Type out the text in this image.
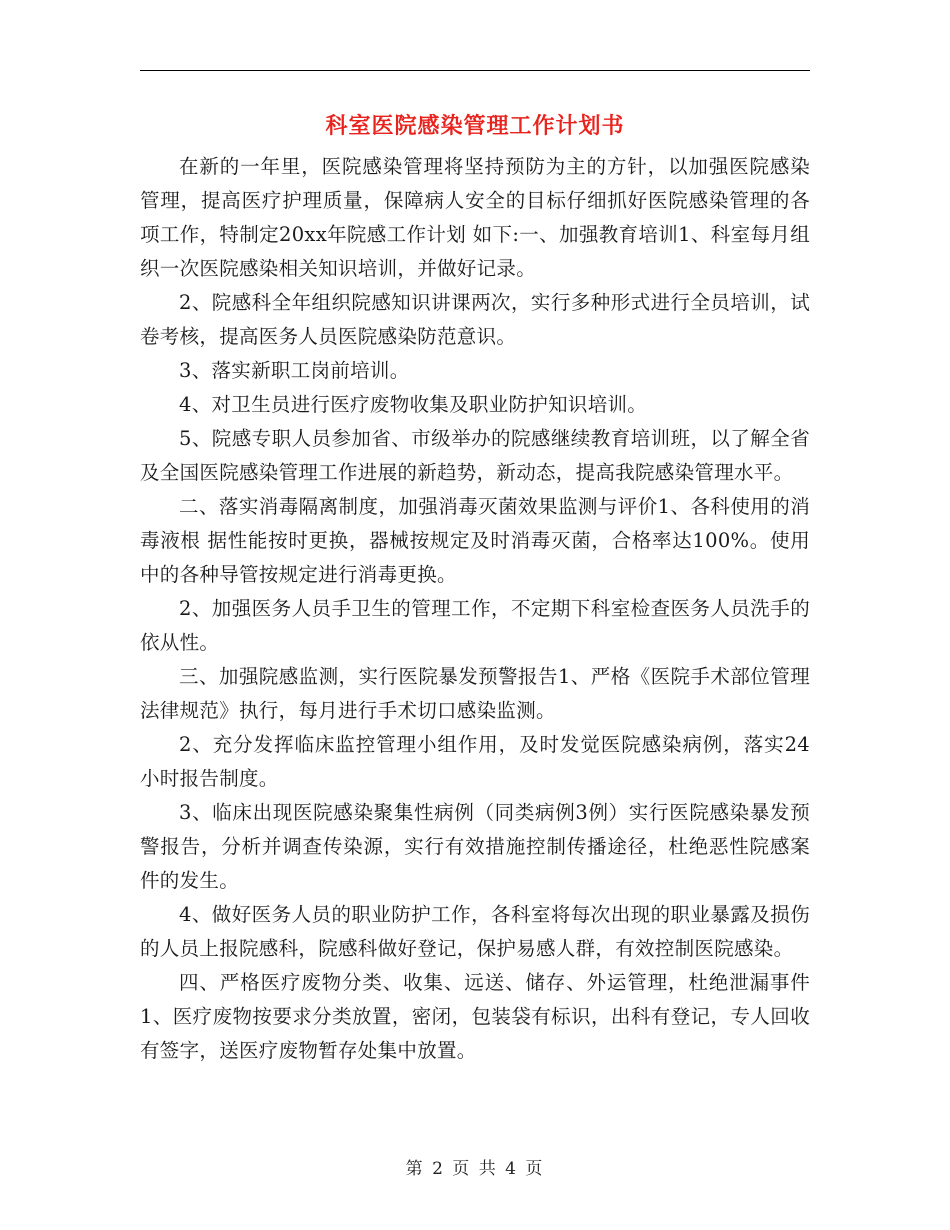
科室医院感染管理工作计划书

在新的一年里，医院感染管理将坚持预防为主的方针，以加强医院感染管理，提高医疗护理质量，保障病人安全的目标仔细抓好医院感染管理的各项工作，特制定20xx年院感工作计划 如下:一、加强教育培训1、科室每月组织一次医院感染相关知识培训，并做好记录。

2、院感科全年组织院感知识讲课两次，实行多种形式进行全员培训，试卷考核，提高医务人员医院感染防范意识。

3、落实新职工岗前培训。

4、对卫生员进行医疗废物收集及职业防护知识培训。

5、院感专职人员参加省、市级举办的院感继续教育培训班，以了解全省及全国医院感染管理工作进展的新趋势，新动态，提高我院感染管理水平。

二、落实消毒隔离制度，加强消毒灭菌效果监测与评价1、各科使用的消毒液根 据性能按时更换，器械按规定及时消毒灭菌，合格率达100%。使用中的各种导管按规定进行消毒更换。

2、加强医务人员手卫生的管理工作，不定期下科室检查医务人员洗手的依从性。

三、加强院感监测，实行医院暴发预警报告1、严格《医院手术部位管理法律规范》执行，每月进行手术切口感染监测。

2、充分发挥临床监控管理小组作用，及时发觉医院感染病例，落实24小时报告制度。

3、临床出现医院感染聚集性病例（同类病例3例）实行医院感染暴发预警报告，分析并调查传染源，实行有效措施控制传播途径，杜绝恶性院感案件的发生。

4、做好医务人员的职业防护工作，各科室将每次出现的职业暴露及损伤的人员上报院感科，院感科做好登记，保护易感人群，有效控制医院感染。

四、严格医疗废物分类、收集、远送、储存、外运管理，杜绝泄漏事件1、医疗废物按要求分类放置，密闭，包装袋有标识，出科有登记，专人回收有签字，送医疗废物暂存处集中放置。

第 2 页 共 4 页
